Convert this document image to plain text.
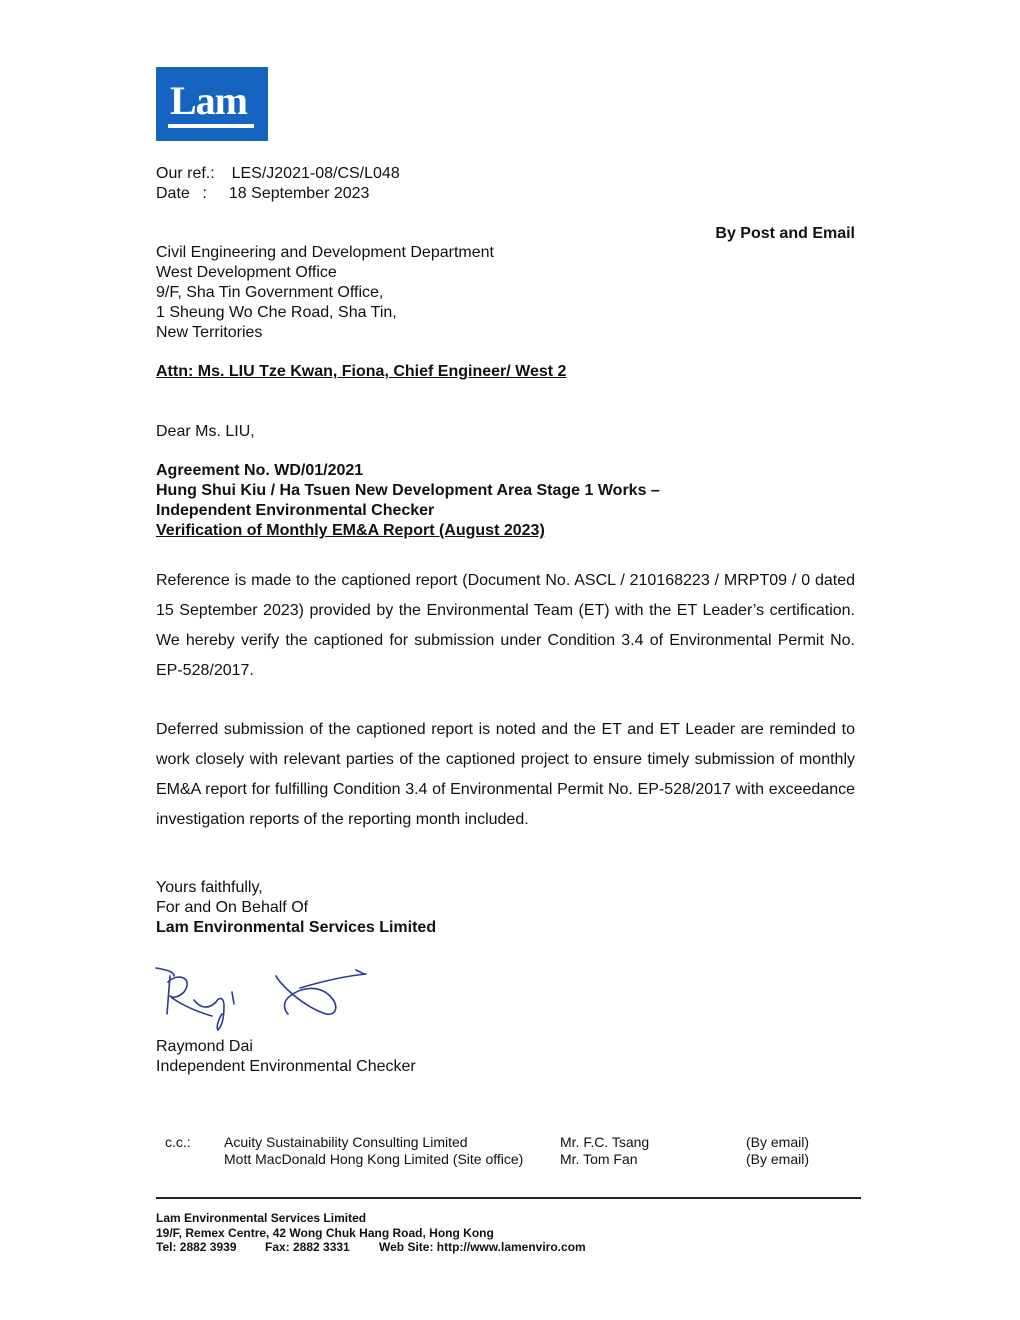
Lam
Our ref.: LES/J2021-08/CS/L048
Date : 18 September 2023
By Post and Email
Civil Engineering and Development Department
West Development Office
9/F, Sha Tin Government Office,
1 Sheung Wo Che Road, Sha Tin,
New Territories
Attn: Ms. LIU Tze Kwan, Fiona, Chief Engineer/ West 2
Dear Ms. LIU,
Agreement No. WD/01/2021
Hung Shui Kiu / Ha Tsuen New Development Area Stage 1 Works –
Independent Environmental Checker
Verification of Monthly EM&A Report (August 2023)
Reference is made to the captioned report (Document No. ASCL / 210168223 / MRPT09 / 0 dated 15 September 2023) provided by the Environmental Team (ET) with the ET Leader’s certification. We hereby verify the captioned for submission under Condition 3.4 of Environmental Permit No. EP-528/2017.
Deferred submission of the captioned report is noted and the ET and ET Leader are reminded to work closely with relevant parties of the captioned project to ensure timely submission of monthly EM&A report for fulfilling Condition 3.4 of Environmental Permit No. EP-528/2017 with exceedance investigation reports of the reporting month included.
Yours faithfully,
For and On Behalf Of
Lam Environmental Services Limited
Raymond Dai
Independent Environmental Checker
c.c.: Acuity Sustainability Consulting Limited
Mott MacDonald Hong Kong Limited (Site office)
Mr. F.C. Tsang
Mr. Tom Fan
(By email)
(By email)
Lam Environmental Services Limited
19/F, Remex Centre, 42 Wong Chuk Hang Road, Hong Kong
Tel: 2882 3939 Fax: 2882 3331 Web Site: http://www.lamenviro.com
